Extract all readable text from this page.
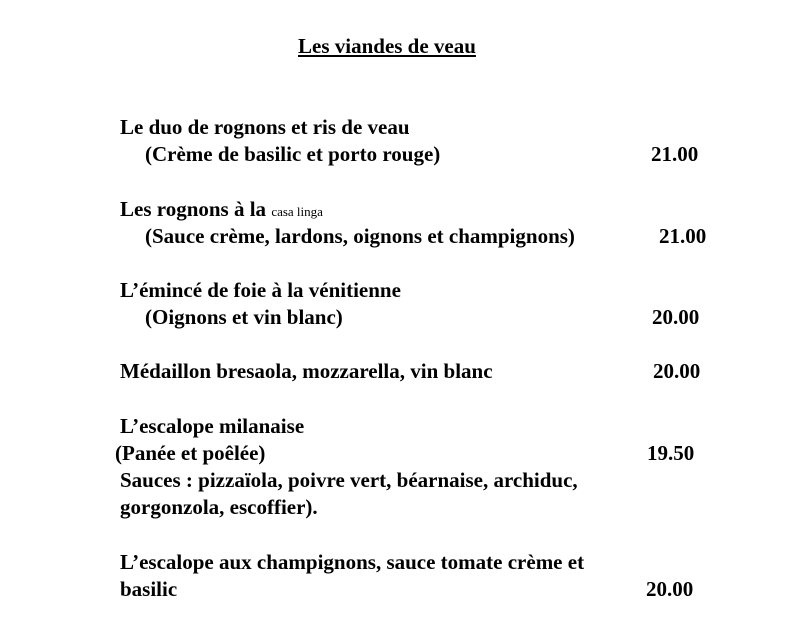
Les viandes de veau
Le duo de rognons et ris de veau
(Crème de basilic et porto rouge)	21.00
Les rognons à la casa linga
(Sauce crème, lardons, oignons et champignons)	21.00
L’émincé de foie à la vénitienne
(Oignons et vin blanc)	20.00
Médaillon bresaola, mozzarella, vin blanc	20.00
L’escalope milanaise
(Panée et poêlée)	19.50
Sauces : pizzaïola, poivre vert, béarnaise, archiduc,
gorgonzola, escoffier).
L’escalope aux champignons, sauce tomate crème et
basilic	20.00
